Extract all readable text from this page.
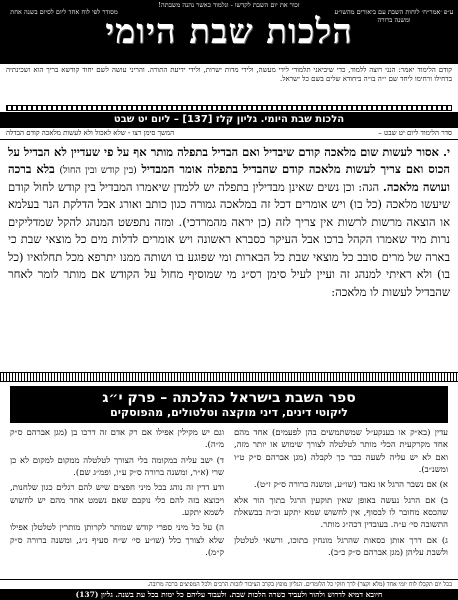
זכור את יום השבת לקדשו - ונלמוד כאשר נהנה משבתה!
ע״פ ׳אמר״ח׳ לוחות השבת עם ביאורים מהשו״ע ומשנה ברורה
הלכות שבת היומי
מסודר לפי לוח אחד ליום לסיום בשנה אחת
קודם הלימוד יאמר: הנני רוצה ללמוד, כדי שיביאני תלמודי לידי מעשה, ולידי מדות ישרות, ולידי ידיעת התורה. והריני עושה לשם יחוד קודשא בריך הוא ושכינתיה בדחילו ורחימו ליחד שם י״ה בו״ה ביחודא שלים בשם כל ישראל.
הלכות שבת היומי. גליון קלז [137] – ליום יט שבט
סדר הלימוד ליום יט שבט –
המשך סימן רצו - שלא לאכול ולא לעשות מלאכה קודם הבדלה
י. אסור לעשות שום מלאכה קודם שיבדיל ואם הבדיל בתפלה מותר אף על פי שעדיין לא הבדיל על הכוס ואם צריך לעשות מלאכה קודם שהבדיל בתפלה אומר המבדיל (בין קודש ובין החול) בלא ברכה ועושה מלאכה. הגה: וכן נשים שאינן מבדילין בתפלה יש ללמדן שיאמרו המבדיל בין קודש לחול קודם שיעשו מלאכה (כל בו) ויש אומרים דכל זה במלאכה גמורה כגון כותב ואורג אבל הדלקת הנר בעלמא או הוצאה מרשות לרשות אין צריך לזה (כן יראה מהמרדכי). ומזה נתפשט המנהג להקל שמדליקים נרות מיד שאמרו הקהל ברכו אבל העיקר כסברא ראשונה ויש אומרים לדלות מים כל מוצאי שבת כי בארה של מרים סובב כל מוצאי שבת כל הבארות ומי שפוגע בו ושותה ממנו יתרפא מכל תחלואיו (כל בו) ולא ראיתי למנהג זה ועיין לעיל סימן רס״ג מי שמוסיף מחול על הקודש אם מותר לומר לאחר שהבדיל לעשות לו מלאכה:
ספר השבת בישראל כהלכתה – פרק י״ג
ליקוטי דינים, דיני מוקצה וטלטולים, מהפוסקים

עדין (בא״ק או בענקע״ל שמשתמשים בהן לפעמים) אחד מהם אחד מקרקעית הכלי מותר לטלטלה לצורך שימוש או יותר מזה, ואם לא יש עליה לשעה כבר כך לקבלה (מגן אברהם ס״ק ט״ו ומשנ״ב).

א) אם נשבר הרגל או נאבד (שו״ע, ומשנה ברורה ס״ק ז״ט).

ב) אם הרגל נעשה באופן שאין תוקעין הרגל בתוך הור אלא שהכסא מחובר לו לבסוף, אין לחשוש שמא יתקע וכ״ה בבשאלת התשובה סי׳ ע״ה. בעובדין דכה״ג מותר.

ג) אם דרך אותן כסאות שהרגל מונחין בתוכו, ורשאי לטלטלן ולשבת עליהן (מגן אברהם ס״ק כ״ב).

וגם יש מקילין אפילו אם רק אדם זה דרכו בן (מגן אברהם ס״ק מ״ה).

ד) ישב עליה במקומה בלי הצורך לטלטלה ממקום למקום לא כן שרי (א״ר, ומשנה ברורה ס״ק ע״ו, ופמ״ג שם).

ודע דדין זה נוהג בכל מיני חפצים שיש להם רגלים כגון שלחנות, ויכוצא בזה להם כלי נוקבם שאם נשמט אחד מהם יש לחשוש לשמא יתקע.

ה) על כל מיני ספרי קודש שמותר לקרותן מותרין לטלטלן אפילו שלא לצורך כלל (שו״ע סי׳ ש״ח סעיף נ״ג, ומשנה ברורה ס״ק ק״מ).

בכל יום תקבלו לוח יומי אחד (מלא וקצר) לרך חוקי כל הלומדים. הגליון מופץ בקרב הציבור לזכות הרבים ולכל המפיצים ברכה מרובה.
חיובא דמיא לדרוש ולהור ולעביד כשרה הלכות שבת. ולעבוד עליהם כל ימות בכל עת בשנה. גליון (137)
